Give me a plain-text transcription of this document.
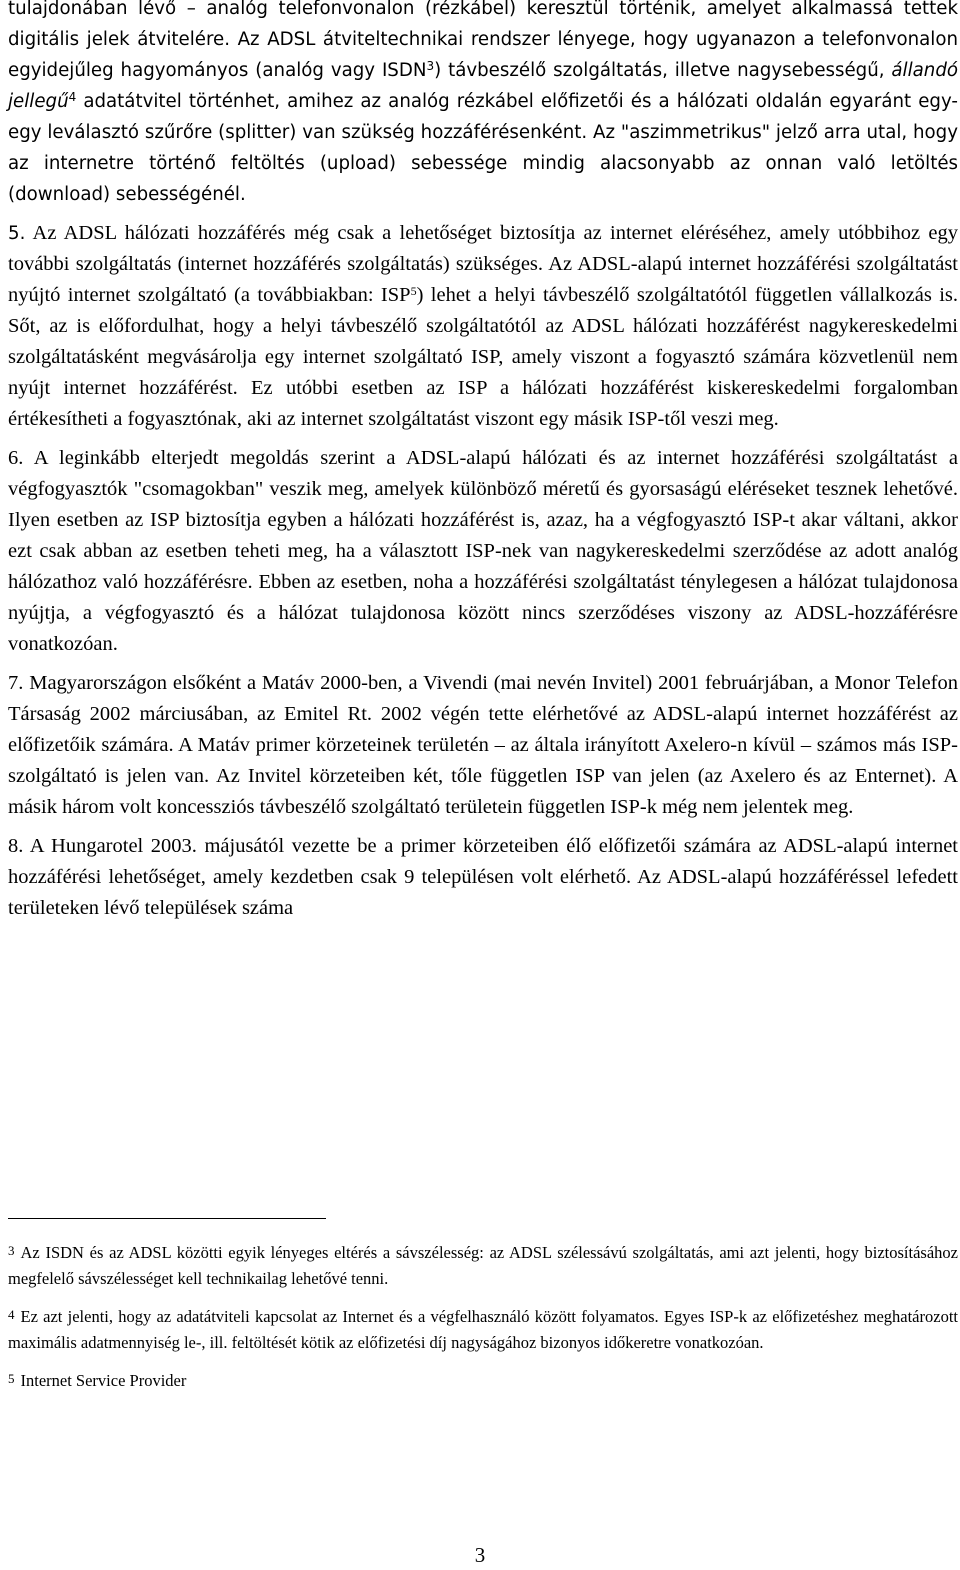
tulajdonában lévő – analóg telefonvonalon (rézkábel) keresztül történik, amelyet alkalmassá tettek digitális jelek átvitelére. Az ADSL átviteltechnikai rendszer lényege, hogy ugyanazon a telefonvonalon egyidejűleg hagyományos (analóg vagy ISDN$^3$) távbeszélő szolgáltatás, illetve nagysebességű, állandó jellegű$^4$ adatátvitel történhet, amihez az analóg rézkábel előfizetői és a hálózati oldalán egyaránt egy-egy leválasztó szűrőre (splitter) van szükség hozzáférésenként. Az "aszimmetrikus" jelző arra utal, hogy az internetre történő feltöltés (upload) sebessége mindig alacsonyabb az onnan való letöltés (download) sebességénél.

5. Az ADSL hálózati hozzáférés még csak a lehetőséget biztosítja az internet eléréséhez, amely utóbbihoz egy további szolgáltatás (internet hozzáférés szolgáltatás) szükséges. Az ADSL-alapú internet hozzáférési szolgáltatást nyújtó internet szolgáltató (a továbbiakban: ISP$^5$) lehet a helyi távbeszélő szolgáltatótól független vállalkozás is. Sőt, az is előfordulhat, hogy a helyi távbeszélő szolgáltatótól az ADSL hálózati hozzáférést nagykereskedelmi szolgáltatásként megvásárolja egy internet szolgáltató ISP, amely viszont a fogyasztó számára közvetlenül nem nyújt internet hozzáférést. Ez utóbbi esetben az ISP a hálózati hozzáférést kiskereskedelmi forgalomban értékesítheti a fogyasztónak, aki az internet szolgáltatást viszont egy másik ISP-től veszi meg.

6. A leginkább elterjedt megoldás szerint a ADSL-alapú hálózati és az internet hozzáférési szolgáltatást a végfogyasztók "csomagokban" veszik meg, amelyek különböző méretű és gyorsaságú eléréseket tesznek lehetővé. Ilyen esetben az ISP biztosítja egyben a hálózati hozzáférést is, azaz, ha a végfogyasztó ISP-t akar váltani, akkor ezt csak abban az esetben teheti meg, ha a választott ISP-nek van nagykereskedelmi szerződése az adott analóg hálózathoz való hozzáférésre. Ebben az esetben, noha a hozzáférési szolgáltatást ténylegesen a hálózat tulajdonosa nyújtja, a végfogyasztó és a hálózat tulajdonosa között nincs szerződéses viszony az ADSL-hozzáférésre vonatkozóan.

7. Magyarországon elsőként a Matáv 2000-ben, a Vivendi (mai nevén Invitel) 2001 februárjában, a Monor Telefon Társaság 2002 márciusában, az Emitel Rt. 2002 végén tette elérhetővé az ADSL-alapú internet hozzáférést az előfizetőik számára. A Matáv primer körzeteinek területén – az általa irányított Axelero-n kívül – számos más ISP-szolgáltató is jelen van. Az Invitel körzeteiben két, tőle független ISP van jelen (az Axelero és az Enternet). A másik három volt koncessziós távbeszélő szolgáltató területein független ISP-k még nem jelentek meg.

8. A Hungarotel 2003. májusától vezette be a primer körzeteiben élő előfizetői számára az ADSL-alapú internet hozzáférési lehetőséget, amely kezdetben csak 9 településen volt elérhető. Az ADSL-alapú hozzáféréssel lefedett területeken lévő települések száma

3 Az ISDN és az ADSL közötti egyik lényeges eltérés a sávszélesség: az ADSL szélessávú szolgáltatás, ami azt jelenti, hogy biztosításához megfelelő sávszélességet kell technikailag lehetővé tenni.

4 Ez azt jelenti, hogy az adatátviteli kapcsolat az Internet és a végfelhasználó között folyamatos. Egyes ISP-k az előfizetéshez meghatározott maximális adatmennyiség le-, ill. feltöltését kötik az előfizetési díj nagyságához bizonyos időkeretre vonatkozóan.

5 Internet Service Provider

3
